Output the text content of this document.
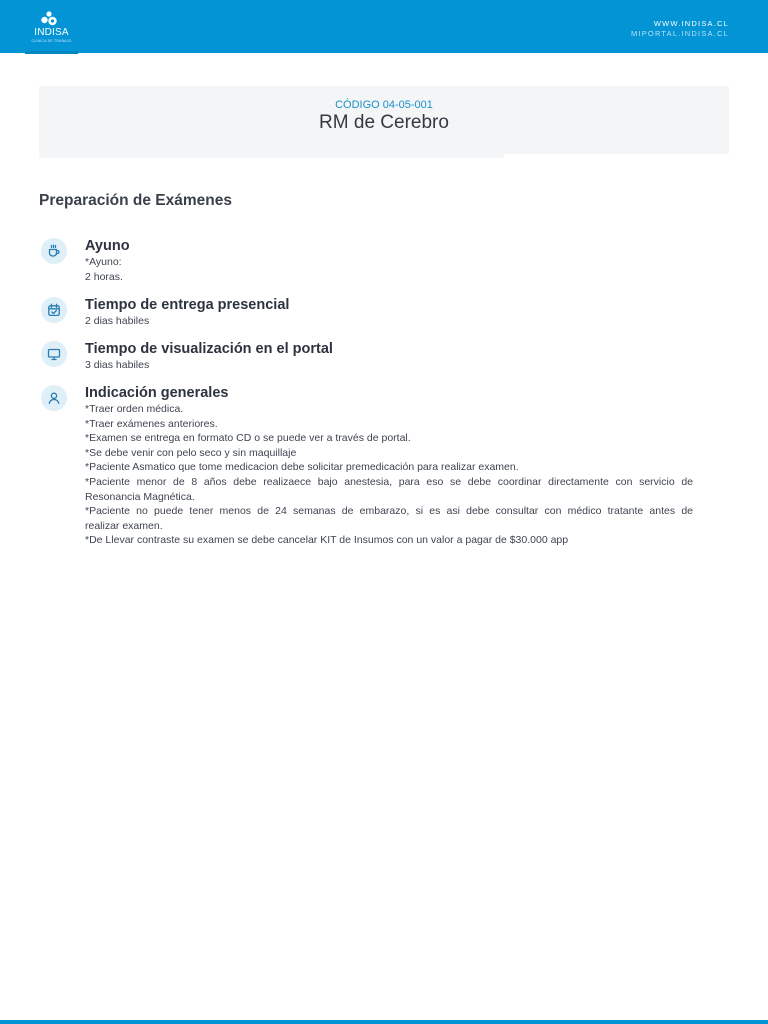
INDISA
CLÍNICA DE TRABAJO
WWW.INDISA.CL
MIPORTAL.INDISA.CL
CÓDIGO 04-05-001
RM de Cerebro
Preparación de Exámenes
Ayuno
*Ayuno:
2 horas.
Tiempo de entrega presencial
2 dias habiles
Tiempo de visualización en el portal
3 dias habiles
Indicación generales
*Traer orden médica.
*Traer exámenes anteriores.
*Examen se entrega en formato CD o se puede ver a través de portal.
*Se debe venir con pelo seco y sin maquillaje
*Paciente Asmatico que tome medicacion debe solicitar premedicación para realizar examen.
*Paciente menor de 8 años debe realizaece bajo anestesia, para eso se debe coordinar directamente con servicio de
Resonancia Magnética.
*Paciente no puede tener menos de 24 semanas de embarazo, si es asi debe consultar con médico tratante antes de
realizar examen.
*De Llevar contraste su examen se debe cancelar KIT de Insumos con un valor a pagar de $30.000 app
